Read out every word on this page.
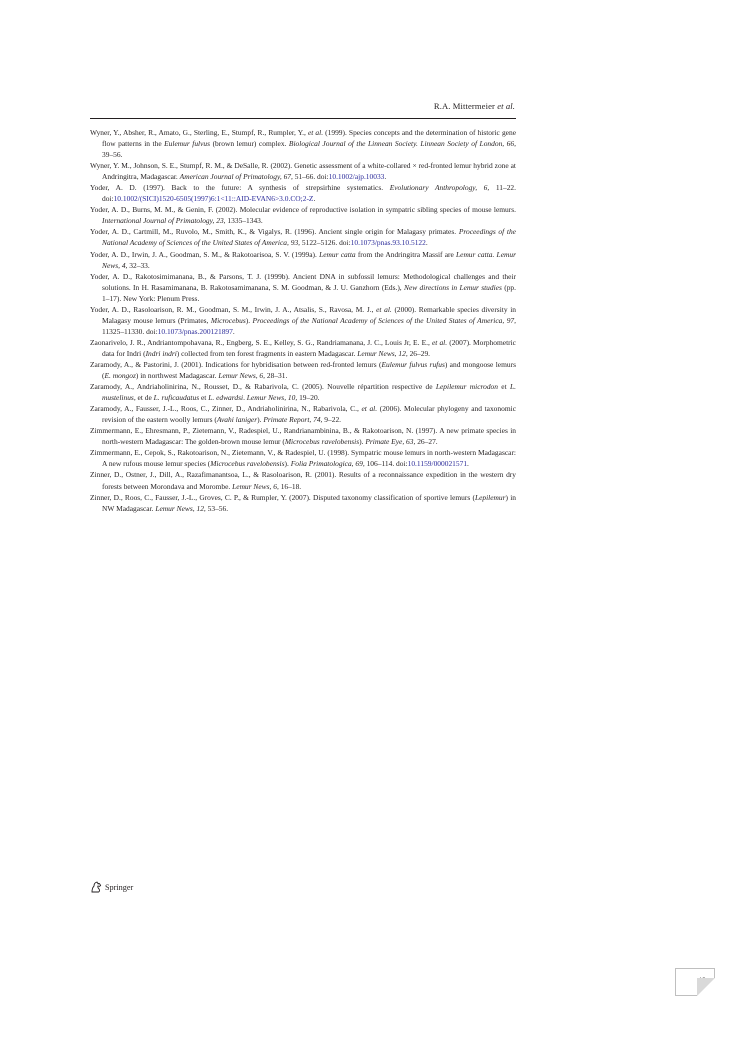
R.A. Mittermeier et al.

Wyner, Y., Absher, R., Amato, G., Sterling, E., Stumpf, R., Rumpler, Y., et al. (1999). Species concepts and the determination of historic gene flow patterns in the Eulemur fulvus (brown lemur) complex. Biological Journal of the Linnean Society. Linnean Society of London, 66, 39–56.

Wyner, Y. M., Johnson, S. E., Stumpf, R. M., & DeSalle, R. (2002). Genetic assessment of a white-collared × red-fronted lemur hybrid zone at Andringitra, Madagascar. American Journal of Primatology, 67, 51–66. doi:10.1002/ajp.10033.

Yoder, A. D. (1997). Back to the future: A synthesis of strepsirhine systematics. Evolutionary Anthropology, 6, 11–22. doi:10.1002/(SICI)1520-6505(1997)6:1<11::AID-EVAN6>3.0.CO;2-Z.

Yoder, A. D., Burns, M. M., & Genin, F. (2002). Molecular evidence of reproductive isolation in sympatric sibling species of mouse lemurs. International Journal of Primatology, 23, 1335–1343.

Yoder, A. D., Cartmill, M., Ruvolo, M., Smith, K., & Vigalys, R. (1996). Ancient single origin for Malagasy primates. Proceedings of the National Academy of Sciences of the United States of America, 93, 5122–5126. doi:10.1073/pnas.93.10.5122.

Yoder, A. D., Irwin, J. A., Goodman, S. M., & Rakotoarisoa, S. V. (1999a). Lemur catta from the Andringitra Massif are Lemur catta. Lemur News, 4, 32–33.

Yoder, A. D., Rakotosimimanana, B., & Parsons, T. J. (1999b). Ancient DNA in subfossil lemurs: Methodological challenges and their solutions. In H. Rasamimanana, B. Rakotosamimanana, S. M. Goodman, & J. U. Ganzhorn (Eds.), New directions in Lemur studies (pp. 1–17). New York: Plenum Press.

Yoder, A. D., Rasoloarison, R. M., Goodman, S. M., Irwin, J. A., Atsalis, S., Ravosa, M. J., et al. (2000). Remarkable species diversity in Malagasy mouse lemurs (Primates, Microcebus). Proceedings of the National Academy of Sciences of the United States of America, 97, 11325–11330. doi:10.1073/pnas.200121897.

Zaonarivelo, J. R., Andriantompohavana, R., Engberg, S. E., Kelley, S. G., Randriamanana, J. C., Louis Jr, E. E., et al. (2007). Morphometric data for Indri (Indri indri) collected from ten forest fragments in eastern Madagascar. Lemur News, 12, 26–29.

Zaramody, A., & Pastorini, J. (2001). Indications for hybridisation between red-fronted lemurs (Eulemur fulvus rufus) and mongoose lemurs (E. mongoz) in northwest Madagascar. Lemur News, 6, 28–31.

Zaramody, A., Andriaholinirina, N., Rousset, D., & Rabarivola, C. (2005). Nouvelle répartition respective de Lepilemur microdon et L. mustelinus, et de L. ruficaudatus et L. edwardsi. Lemur News, 10, 19–20.

Zaramody, A., Fausser, J.-L., Roos, C., Zinner, D., Andriaholinirina, N., Rabarivola, C., et al. (2006). Molecular phylogeny and taxonomic revision of the eastern woolly lemurs (Avahi laniger). Primate Report, 74, 9–22.

Zimmermann, E., Ehresmann, P., Zietemann, V., Radespiel, U., Randrianambinina, B., & Rakotoarison, N. (1997). A new primate species in north-western Madagascar: The golden-brown mouse lemur (Microcebus ravelobensis). Primate Eye, 63, 26–27.

Zimmermann, E., Cepok, S., Rakotoarison, N., Zietemann, V., & Radespiel, U. (1998). Sympatric mouse lemurs in north-western Madagascar: A new rufous mouse lemur species (Microcebus ravelobensis). Folia Primatologica, 69, 106–114. doi:10.1159/000021571.

Zinner, D., Ostner, J., Dill, A., Razafimanantsoa, L., & Rasoloarison, R. (2001). Results of a reconnaissance expedition in the western dry forests between Morondava and Morombe. Lemur News, 6, 16–18.

Zinner, D., Roos, C., Fausser, J.-L., Groves, C. P., & Rumpler, Y. (2007). Disputed taxonomy classification of sportive lemurs (Lepilemur) in NW Madagascar. Lemur News, 12, 53–56.

Springer
49
